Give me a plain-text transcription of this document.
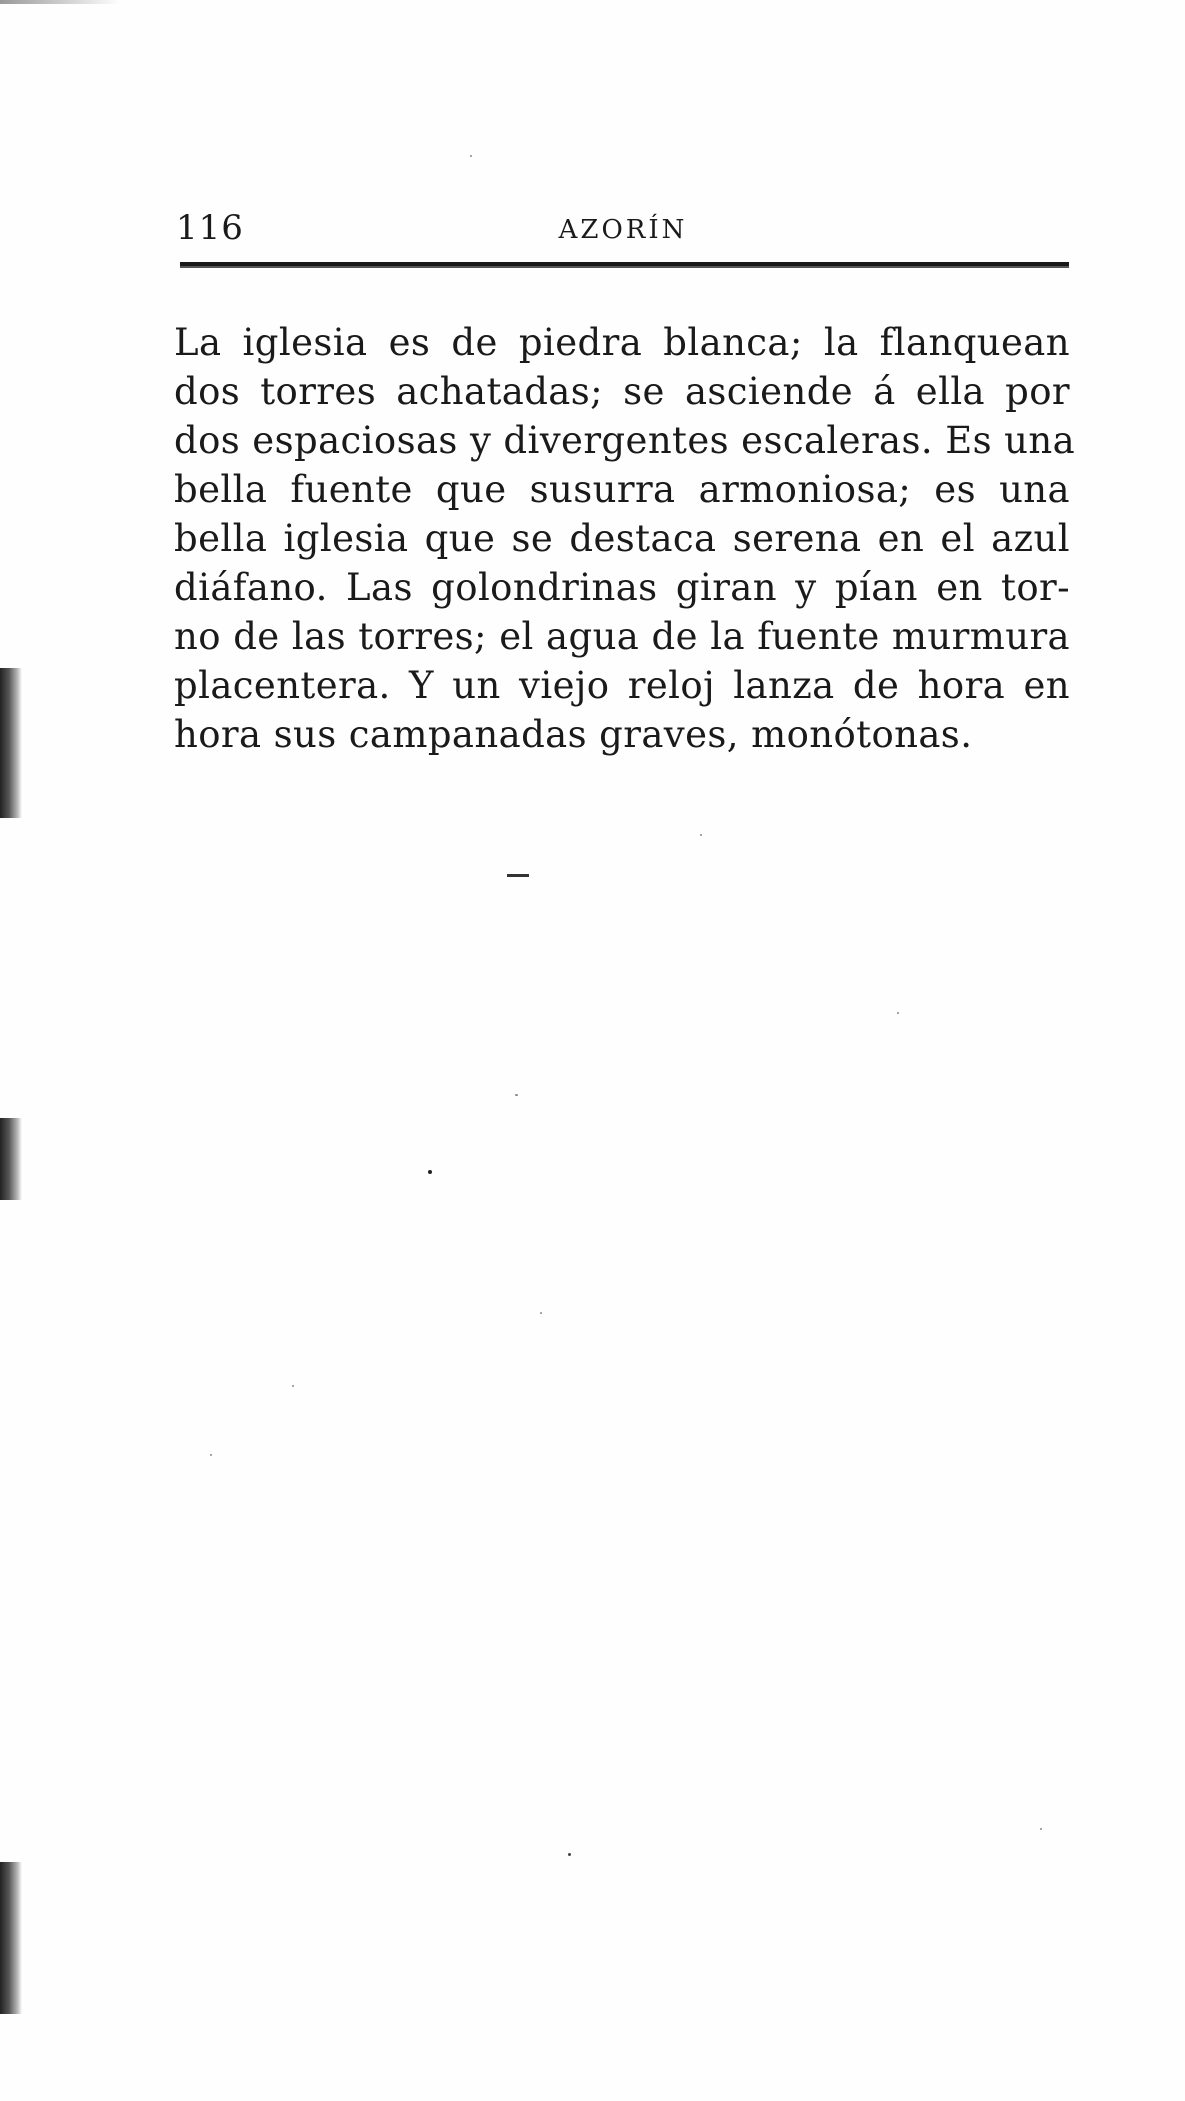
116	AZORÍN
La iglesia es de piedra blanca; la flanquean
dos torres achatadas; se asciende á ella por
dos espaciosas y divergentes escaleras. Es una
bella fuente que susurra armoniosa; es una
bella iglesia que se destaca serena en el azul
diáfano. Las golondrinas giran y pían en tor-
no de las torres; el agua de la fuente murmura
placentera. Y un viejo reloj lanza de hora en
hora sus campanadas graves, monótonas.
